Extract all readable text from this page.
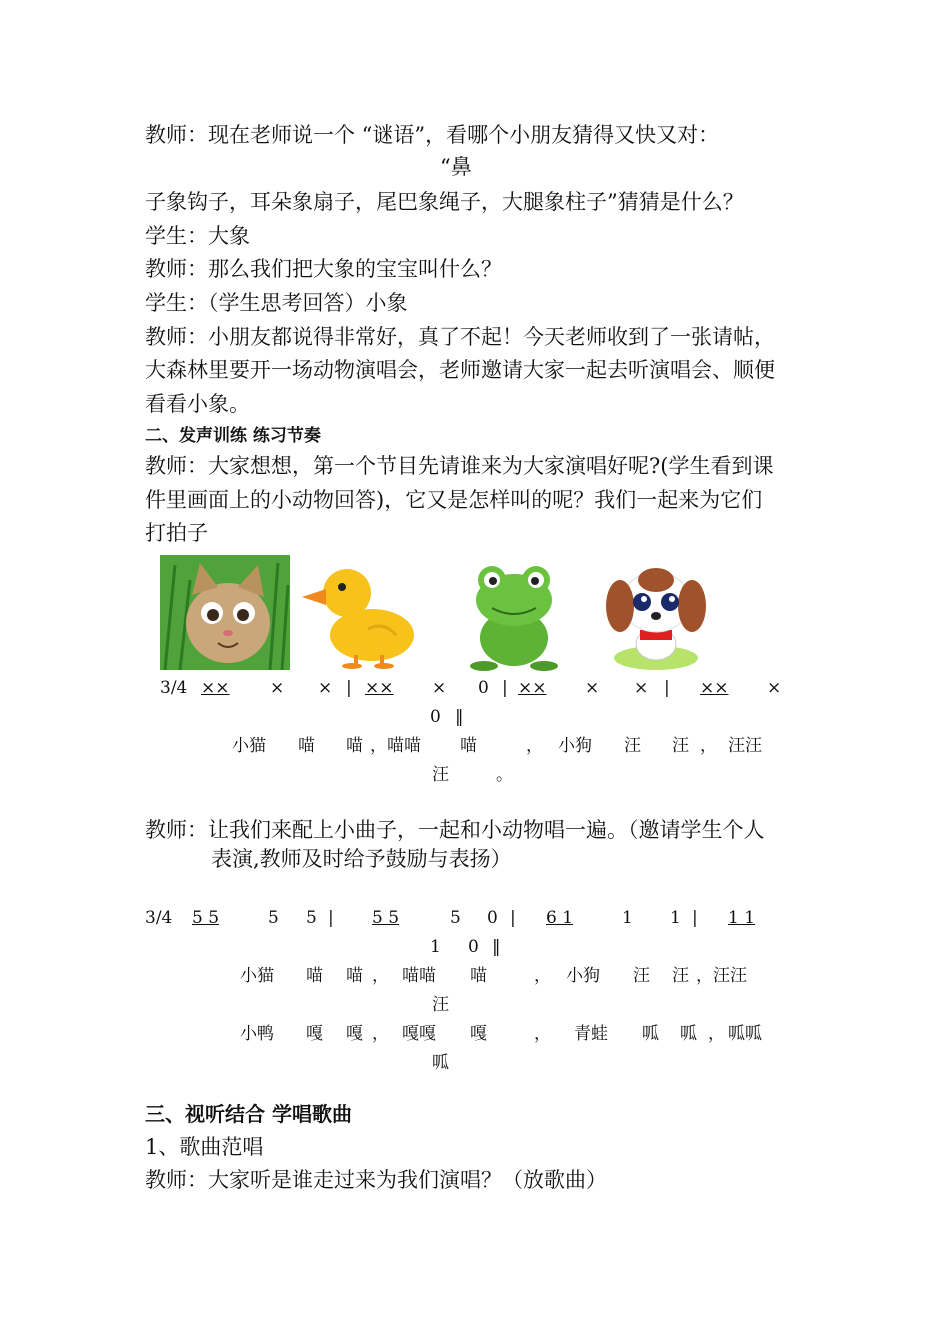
教师：现在老师说一个 “谜语”，看哪个小朋友猜得又快又对：
“鼻
子象钩子，耳朵象扇子，尾巴象绳子，大腿象柱子”猜猜是什么？
学生：大象
教师：那么我们把大象的宝宝叫什么？
学生：（学生思考回答）小象
教师：小朋友都说得非常好，真了不起！今天老师收到了一张请帖，
大森林里要开一场动物演唱会，老师邀请大家一起去听演唱会、顺便
看看小象。
二、发声训练 练习节奏
教师：大家想想，第一个节目先请谁来为大家演唱好呢?(学生看到课
件里画面上的小动物回答)，它又是怎样叫的呢？我们一起来为它们
打拍子
3/4 ×× × × | ×× × 0 | ×× × × | ×× ×
0 ‖
小猫 喵 喵 ，喵喵 喵	， 小狗 汪 汪 ， 汪汪
汪	。
教师：让我们来配上小曲子，一起和小动物唱一遍。（邀请学生个人
表演,教师及时给予鼓励与表扬）
3/4 5 5	5 5 | 5 5	5 0 | 6 1	1 1 | 1 1
1 0 ‖
小猫 喵 喵 ， 喵喵 喵	， 小狗 汪 汪 ，汪汪
汪
小鸭 嘎 嘎 ， 嘎嘎 嘎	， 青蛙 呱 呱 ， 呱呱
呱
三、视听结合 学唱歌曲
1、歌曲范唱
教师：大家听是谁走过来为我们演唱？（放歌曲）
